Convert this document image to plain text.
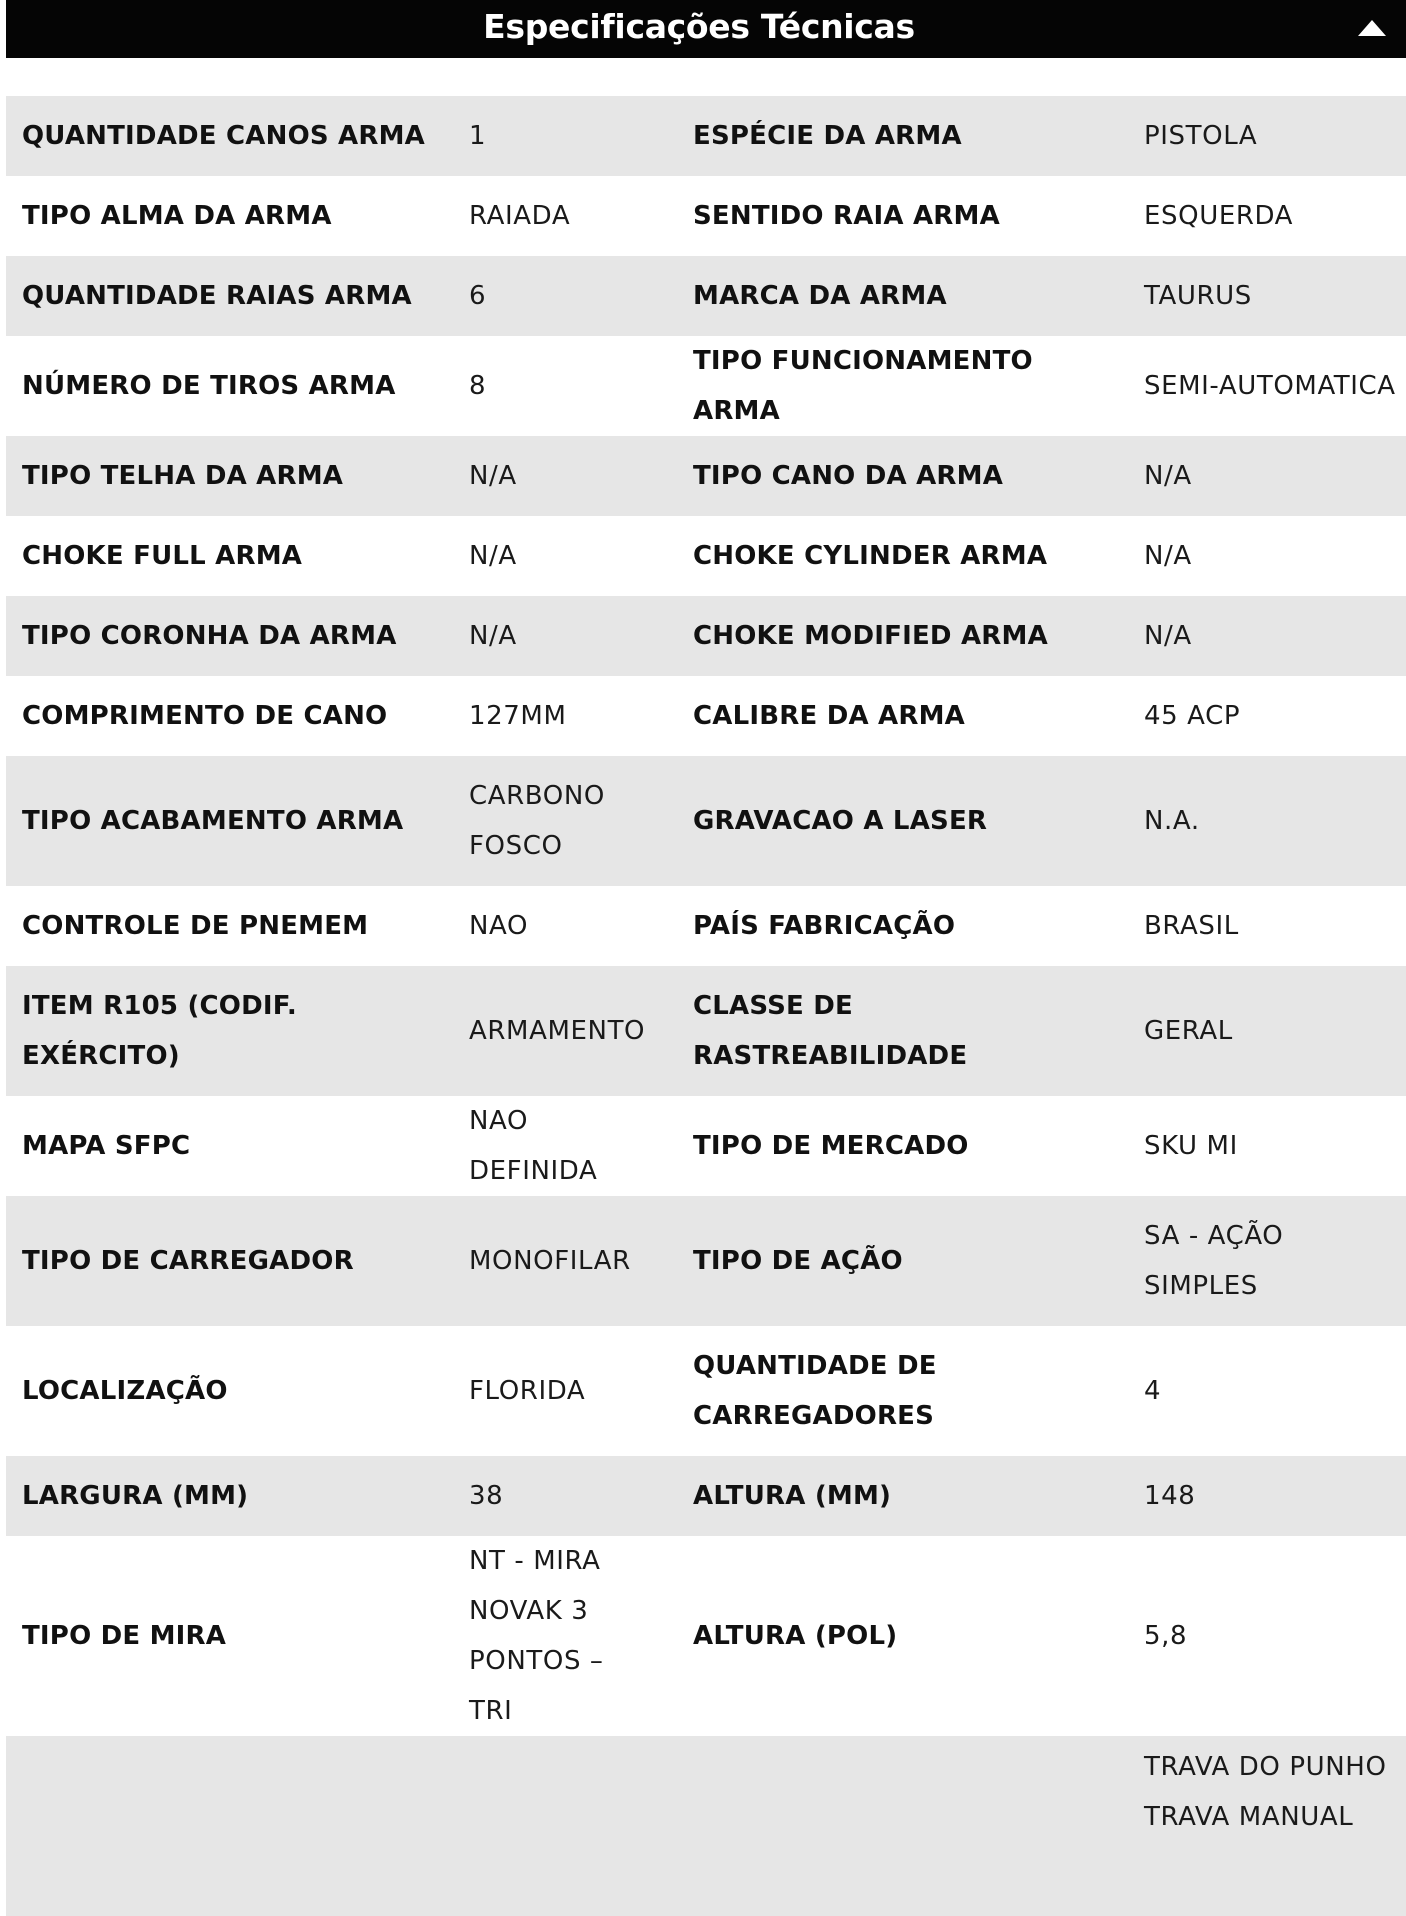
Especificações Técnicas
QUANTIDADE CANOS ARMA	1	ESPÉCIE DA ARMA	PISTOLA
TIPO ALMA DA ARMA	RAIADA	SENTIDO RAIA ARMA	ESQUERDA
QUANTIDADE RAIAS ARMA	6	MARCA DA ARMA	TAURUS
NÚMERO DE TIROS ARMA	8	TIPO FUNCIONAMENTO ARMA	SEMI-AUTOMATICA
TIPO TELHA DA ARMA	N/A	TIPO CANO DA ARMA	N/A
CHOKE FULL ARMA	N/A	CHOKE CYLINDER ARMA	N/A
TIPO CORONHA DA ARMA	N/A	CHOKE MODIFIED ARMA	N/A
COMPRIMENTO DE CANO	127MM	CALIBRE DA ARMA	45 ACP
TIPO ACABAMENTO ARMA	CARBONO FOSCO	GRAVACAO A LASER	N.A.
CONTROLE DE PNEMEM	NAO	PAÍS FABRICAÇÃO	BRASIL
ITEM R105 (CODIF. EXÉRCITO)	ARMAMENTO	CLASSE DE RASTREABILIDADE	GERAL
MAPA SFPC	NAO DEFINIDA	TIPO DE MERCADO	SKU MI
TIPO DE CARREGADOR	MONOFILAR	TIPO DE AÇÃO	SA - AÇÃO SIMPLES
LOCALIZAÇÃO	FLORIDA	QUANTIDADE DE CARREGADORES	4
LARGURA (MM)	38	ALTURA (MM)	148
TIPO DE MIRA	NT - MIRA NOVAK 3 PONTOS – TRI	ALTURA (POL)	5,8
			TRAVA DO PUNHO TRAVA MANUAL
